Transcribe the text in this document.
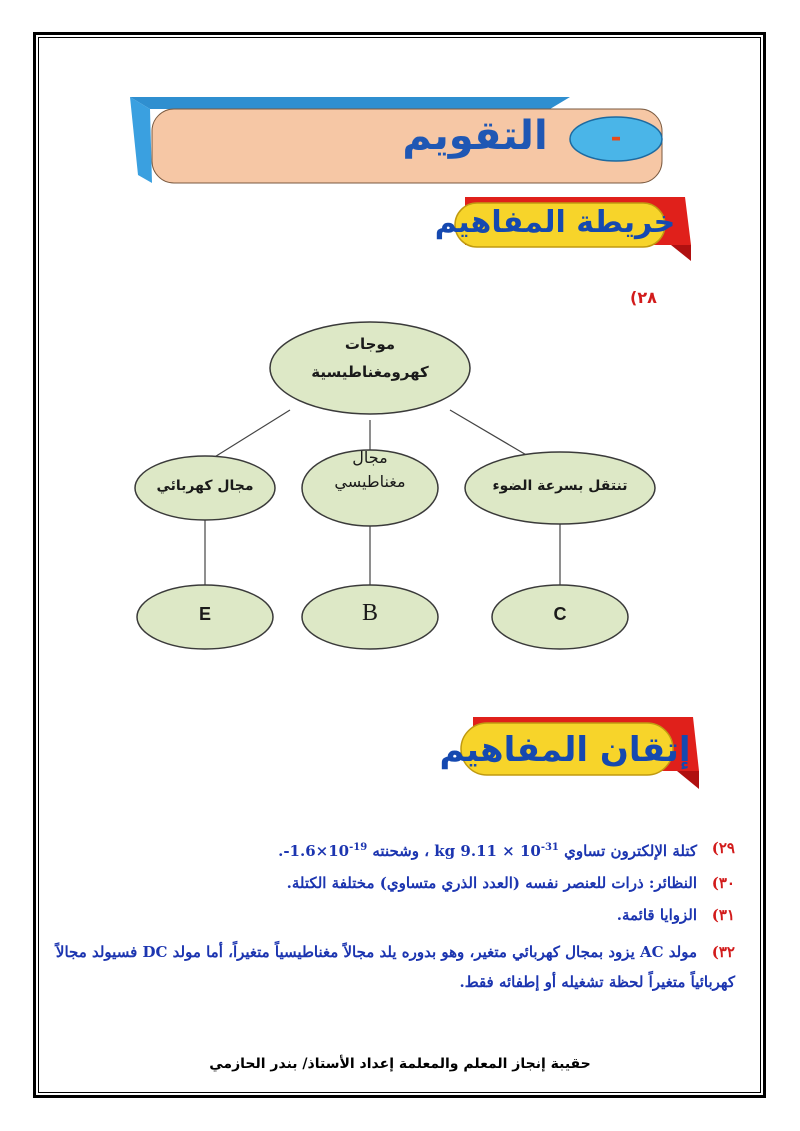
التقويم	-
خريطة المفاهيم
٢٨)
موجات
كهرومغناطيسية
مجال كهربائي
مجال
مغناطيسي	تنتقل بسرعة الضوء
E	B	C
إتقان المفاهيم
٢٩)
كتلة الإلكترون تساوي kg $9.11 \times 10^{-31}$ ، وشحنته $-1.6\times 10^{-19}$.
٣٠)
النظائر: ذرات للعنصر نفسه (العدد الذري متساوي) مختلفة الكتلة.
٣١)
الزوايا قائمة.
٣٢)
مولد AC يزود بمجال كهربائي متغير، وهو بدوره يلد مجالاً مغناطيسياً متغيراً، أما مولد DC فسيولد مجالاً كهربائياً متغيراً لحظة تشغيله أو إطفائه فقط.
حقيبة إنجاز المعلم والمعلمة إعداد الأستاذ/ بندر الحازمي
